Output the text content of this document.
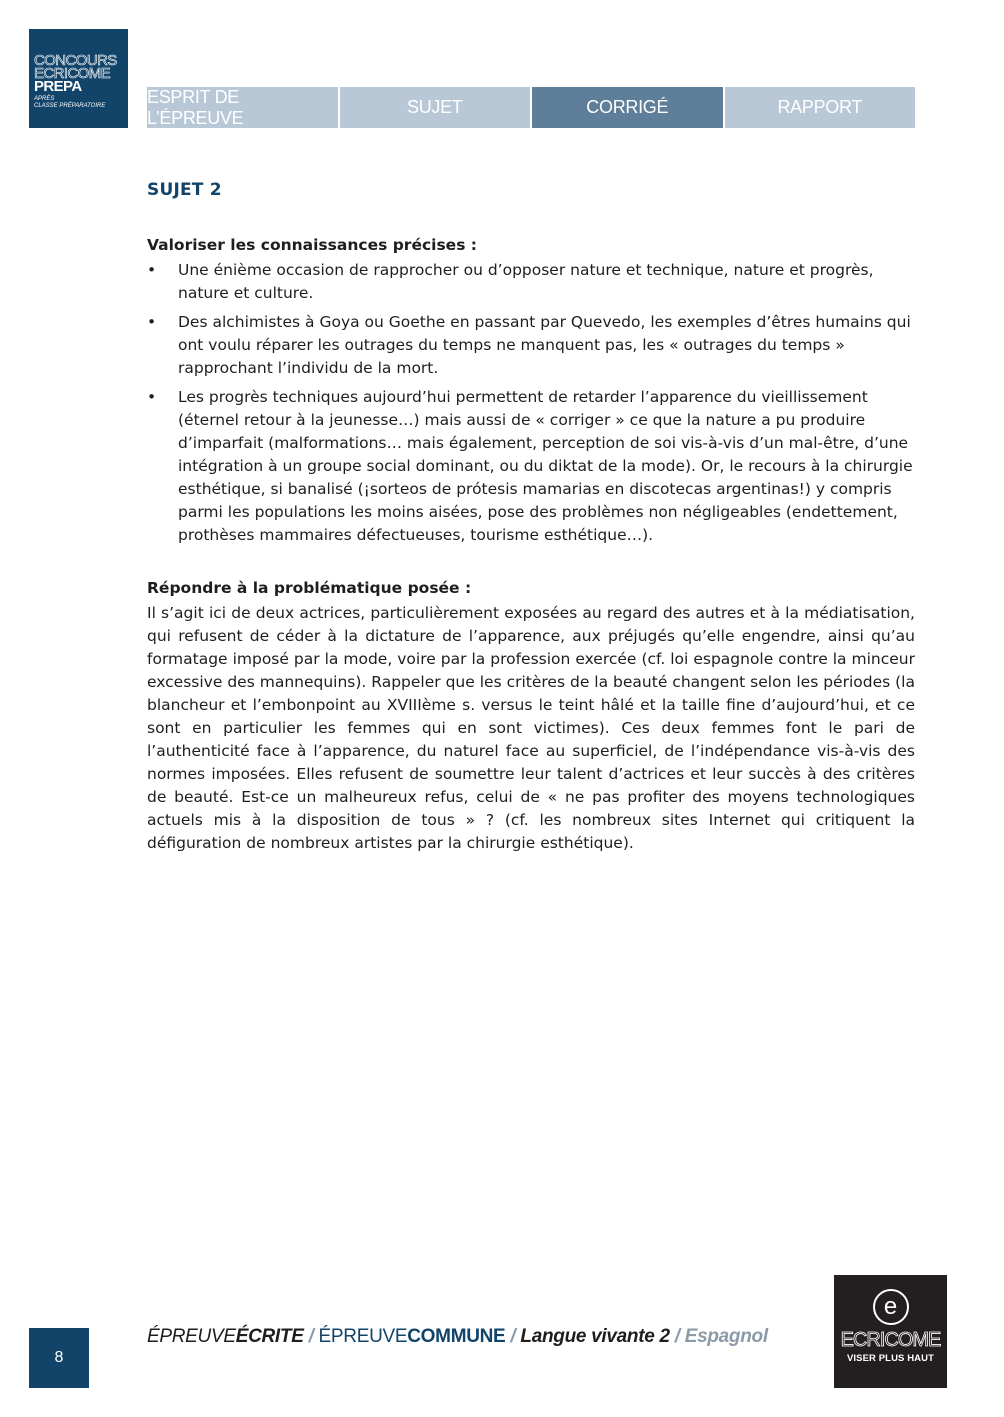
CONCOURS
ECRICOME
PREPA
APRÈS
CLASSE PRÉPARATOIRE	ESPRIT DE L’ÉPREUVE
SUJET	CORRIGÉ	RAPPORT
SUJET 2
Valoriser les connaissances précises :
• Une énième occasion de rapprocher ou d’opposer nature et technique, nature et progrès, nature et culture.
• Des alchimistes à Goya ou Goethe en passant par Quevedo, les exemples d’êtres humains qui ont voulu réparer les outrages du temps ne manquent pas, les « outrages du temps » rapprochant l’individu de la mort.
• Les progrès techniques aujourd’hui permettent de retarder l’apparence du vieillissement (éternel retour à la jeunesse…) mais aussi de « corriger » ce que la nature a pu produire d’imparfait (malformations… mais également, perception de soi vis-à-vis d’un mal-être, d’une intégration à un groupe social dominant, ou du diktat de la mode). Or, le recours à la chirurgie esthétique, si banalisé (¡sorteos de prótesis mamarias en discotecas argentinas!) y compris parmi les populations les moins aisées, pose des problèmes non négligeables (endettement, prothèses mammaires défectueuses, tourisme esthétique…).
Répondre à la problématique posée :

Il s’agit ici de deux actrices, particulièrement exposées au regard des autres et à la médiatisation, qui refusent de céder à la dictature de l’apparence, aux préjugés qu’elle engendre, ainsi qu’au formatage imposé par la mode, voire par la profession exercée (cf. loi espagnole contre la minceur excessive des mannequins). Rappeler que les critères de la beauté changent selon les périodes (la blancheur et l’embonpoint au XVIIIème s. versus le teint hâlé et la taille fine d’aujourd’hui, et ce sont en particulier les femmes qui en sont victimes). Ces deux femmes font le pari de l’authenticité face à l’apparence, du naturel face au superficiel, de l’indépendance vis-à-vis des normes imposées. Elles refusent de soumettre leur talent d’actrices et leur succès à des critères de beauté. Est-ce un malheureux refus, celui de « ne pas profiter des moyens technologiques actuels mis à la disposition de tous » ? (cf. les nombreux sites Internet qui critiquent la défiguration de nombreux artistes par la chirurgie esthétique).

8
ÉPREUVEÉCRITE / ÉPREUVECOMMUNE / Langue vivante 2 / Espagnol
e
ECRICOME
VISER PLUS HAUT
